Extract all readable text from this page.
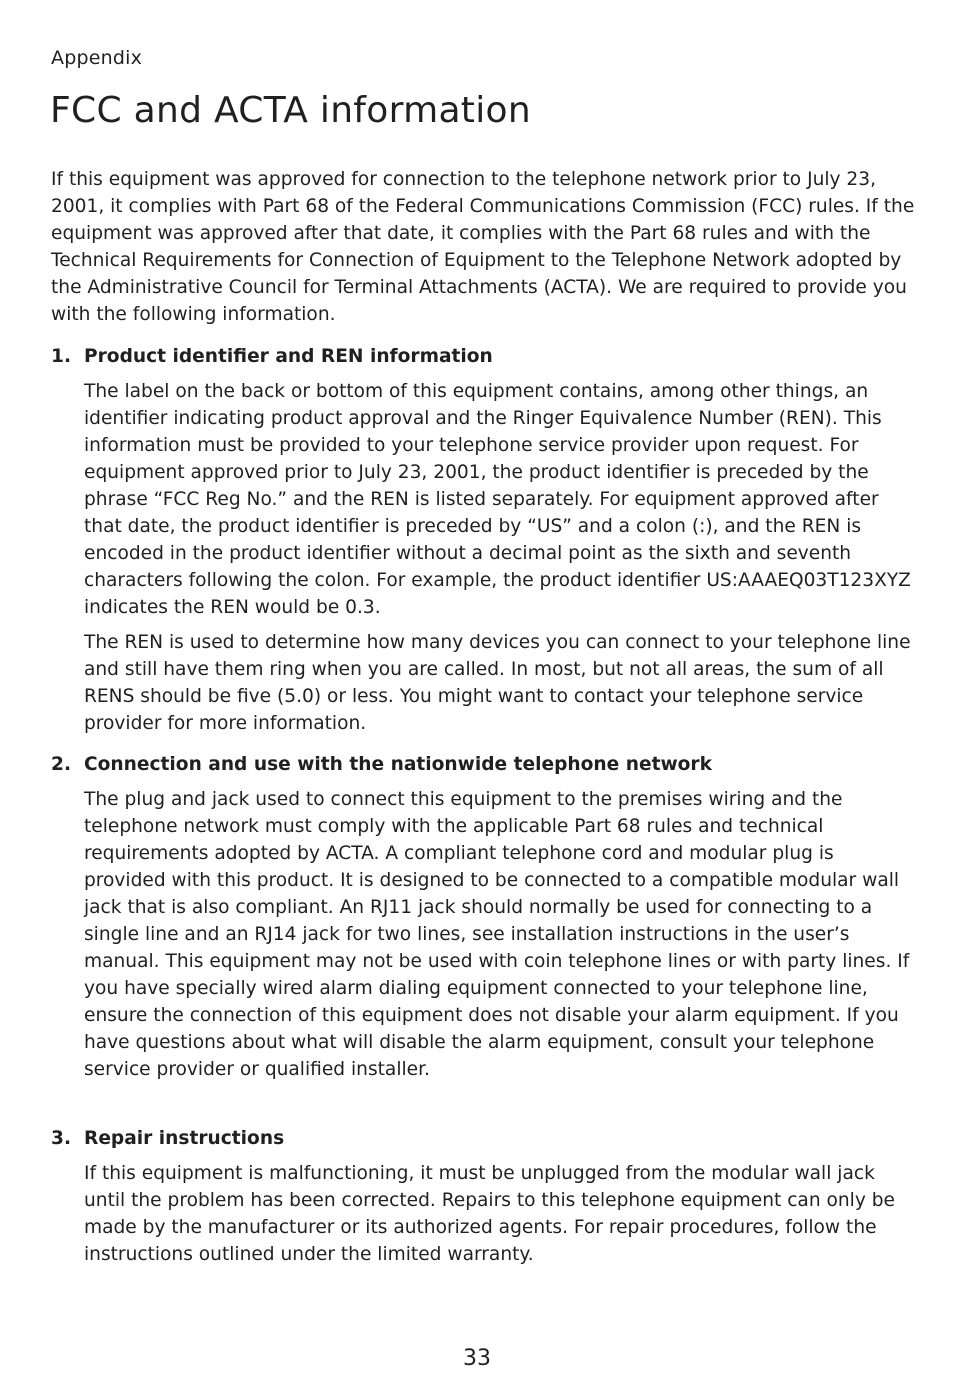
Appendix
FCC and ACTA information

If this equipment was approved for connection to the telephone network prior to July 23, 2001, it complies with Part 68 of the Federal Communications Commission (FCC) rules. If the equipment was approved after that date, it complies with the Part 68 rules and with the Technical Requirements for Connection of Equipment to the Telephone Network adopted by the Administrative Council for Terminal Attachments (ACTA). We are required to provide you with the following information.

1. Product identifier and REN information

The label on the back or bottom of this equipment contains, among other things, an identifier indicating product approval and the Ringer Equivalence Number (REN). This information must be provided to your telephone service provider upon request. For equipment approved prior to July 23, 2001, the product identifier is preceded by the phrase “FCC Reg No.” and the REN is listed separately. For equipment approved after that date, the product identifier is preceded by “US” and a colon (:), and the REN is encoded in the product identifier without a decimal point as the sixth and seventh characters following the colon. For example, the product identifier US:AAAEQ03T123XYZ indicates the REN would be 0.3.

The REN is used to determine how many devices you can connect to your telephone line and still have them ring when you are called. In most, but not all areas, the sum of all RENS should be five (5.0) or less. You might want to contact your telephone service provider for more information.

2. Connection and use with the nationwide telephone network

The plug and jack used to connect this equipment to the premises wiring and the telephone network must comply with the applicable Part 68 rules and technical requirements adopted by ACTA. A compliant telephone cord and modular plug is provided with this product. It is designed to be connected to a compatible modular wall jack that is also compliant. An RJ11 jack should normally be used for connecting to a single line and an RJ14 jack for two lines, see installation instructions in the user’s manual. This equipment may not be used with coin telephone lines or with party lines. If you have specially wired alarm dialing equipment connected to your telephone line, ensure the connection of this equipment does not disable your alarm equipment. If you have questions about what will disable the alarm equipment, consult your telephone service provider or qualified installer.

3. Repair instructions

If this equipment is malfunctioning, it must be unplugged from the modular wall jack until the problem has been corrected. Repairs to this telephone equipment can only be made by the manufacturer or its authorized agents. For repair procedures, follow the instructions outlined under the limited warranty.

33
